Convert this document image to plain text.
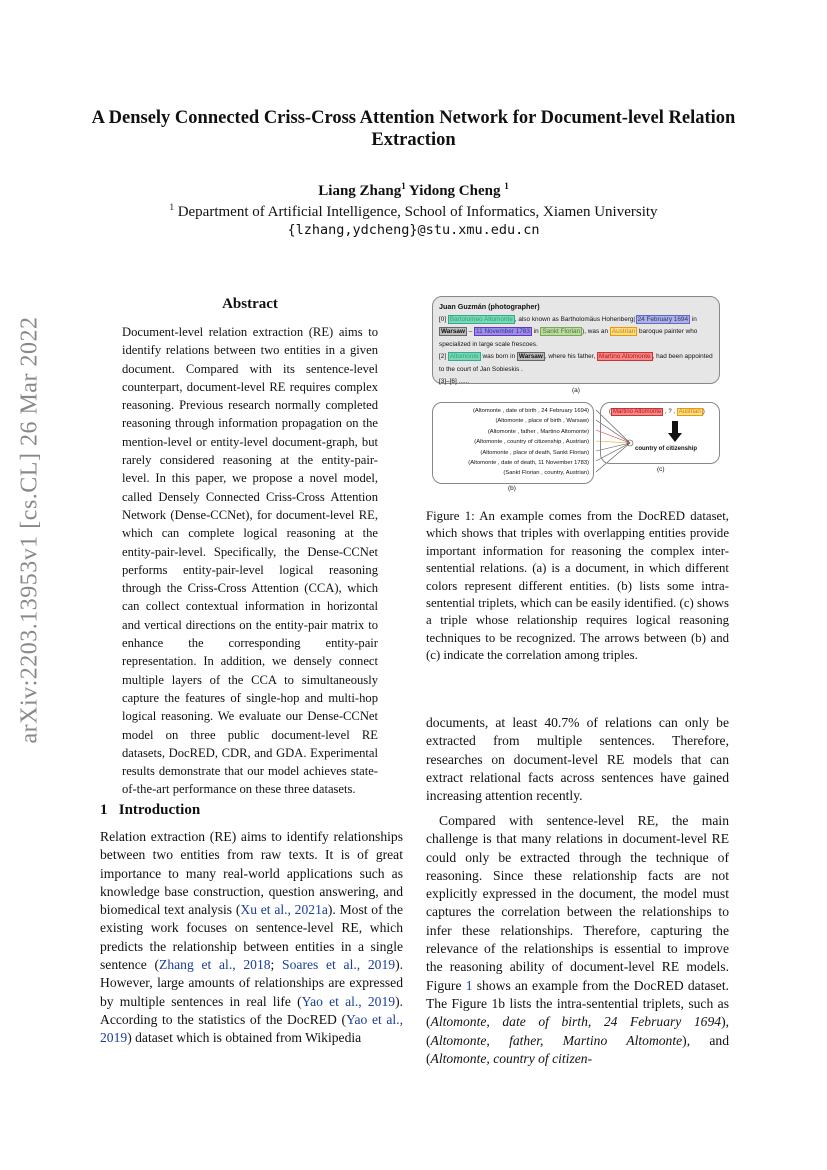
A Densely Connected Criss-Cross Attention Network for Document-level Relation Extraction
Liang Zhang$^1$ Yidong Cheng $^1$
$^1$ Department of Artificial Intelligence, School of Informatics, Xiamen University
{lzhang,ydcheng}@stu.xmu.edu.cn
arXiv:2203.13953v1 [cs.CL] 26 Mar 2022
Abstract
Document-level relation extraction (RE) aims to identify relations between two entities in a given document. Compared with its sentence-level counterpart, document-level RE requires complex reasoning. Previous research normally completed reasoning through information propagation on the mention-level or entity-level document-graph, but rarely considered reasoning at the entity-pair-level. In this paper, we propose a novel model, called Densely Connected Criss-Cross Attention Network (Dense-CCNet), for document-level RE, which can complete logical reasoning at the entity-pair-level. Specifically, the Dense-CCNet performs entity-pair-level logical reasoning through the Criss-Cross Attention (CCA), which can collect contextual information in horizontal and vertical directions on the entity-pair matrix to enhance the corresponding entity-pair representation. In addition, we densely connect multiple layers of the CCA to simultaneously capture the features of single-hop and multi-hop logical reasoning. We evaluate our Dense-CCNet model on three public document-level RE datasets, DocRED, CDR, and GDA. Experimental results demonstrate that our model achieves state-of-the-art performance on these three datasets.
1 Introduction
Relation extraction (RE) aims to identify relationships between two entities from raw texts. It is of great importance to many real-world applications such as knowledge base construction, question answering, and biomedical text analysis (Xu et al., 2021a). Most of the existing work focuses on sentence-level RE, which predicts the relationship between entities in a single sentence (Zhang et al., 2018; Soares et al., 2019). However, large amounts of relationships are expressed by multiple sentences in real life (Yao et al., 2019). According to the statistics of the DocRED (Yao et al., 2019) dataset which is obtained from Wikipedia
Juan Guzmán (photographer)
[0] Bartolomeo Altomonte , also known as Bartholomäus Hohenberg( 24 February 1694 in Warsaw – 11 November 1783 in Sankt Florian ), was an Austrian baroque painter who specialized in large scale frescoes.
[2] Altomonte was born in Warsaw , where his father, Martino Altomonte , had been appointed to the court of Jan Sobieskis .
[3]–[6] ......
(a)
(Altomonte , date of birth , 24 February 1694)
(Altomonte , place of birth , Warsaw)
(Altomonte , father , Martino Altomonte)
(Altomonte , country of citizenship , Austrian)
(Altomonte , place of death, Sankt Florian)
(Altomonte , date of death, 11 November 1783)
(Sankt Florian , country, Austrian)
(b)
( Martino Altomonte , ? , Austrian )
country of citizenship
(c)
Figure 1: An example comes from the DocRED dataset, which shows that triples with overlapping entities provide important information for reasoning the complex inter-sentential relations. (a) is a document, in which different colors represent different entities. (b) lists some intra-sentential triplets, which can be easily identified. (c) shows a triple whose relationship requires logical reasoning techniques to be recognized. The arrows between (b) and (c) indicate the correlation among triples.
documents, at least 40.7% of relations can only be extracted from multiple sentences. Therefore, researches on document-level RE models that can extract relational facts across sentences have gained increasing attention recently.

Compared with sentence-level RE, the main challenge is that many relations in document-level RE could only be extracted through the technique of reasoning. Since these relationship facts are not explicitly expressed in the document, the model must captures the correlation between the relationships to infer these relationships. Therefore, capturing the relevance of the relationships is essential to improve the reasoning ability of document-level RE models. Figure 1 shows an example from the DocRED dataset. The Figure 1b lists the intra-sentential triplets, such as (Altomonte, date of birth, 24 February 1694), (Altomonte, father, Martino Altomonte), and (Altomonte, country of citizen-
